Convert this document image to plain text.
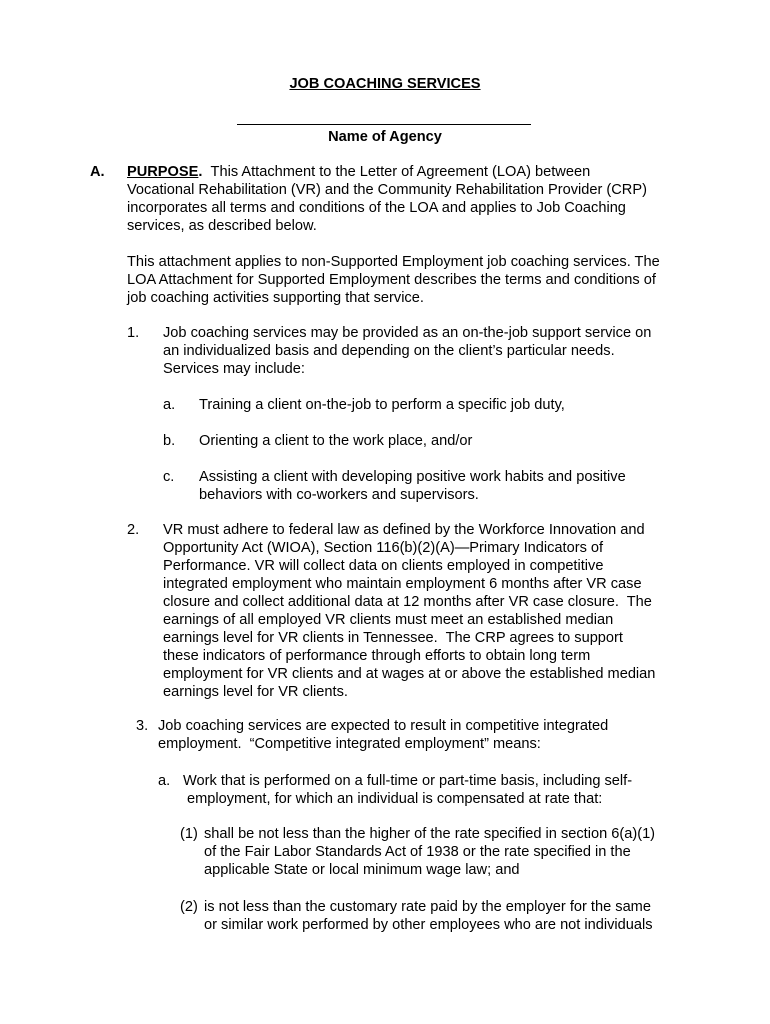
JOB COACHING SERVICES
Name of Agency
A. PURPOSE. This Attachment to the Letter of Agreement (LOA) between
Vocational Rehabilitation (VR) and the Community Rehabilitation Provider (CRP)
incorporates all terms and conditions of the LOA and applies to Job Coaching
services, as described below.
This attachment applies to non-Supported Employment job coaching services. The
LOA Attachment for Supported Employment describes the terms and conditions of
job coaching activities supporting that service.
1.	Job coaching services may be provided as an on-the-job support service on
an individualized basis and depending on the client’s particular needs.
Services may include:
a.	Training a client on-the-job to perform a specific job duty,
b.	Orienting a client to the work place, and/or
c.	Assisting a client with developing positive work habits and positive
behaviors with co-workers and supervisors.
2.	VR must adhere to federal law as defined by the Workforce Innovation and
Opportunity Act (WIOA), Section 116(b)(2)(A)—Primary Indicators of
Performance. VR will collect data on clients employed in competitive
integrated employment who maintain employment 6 months after VR case
closure and collect additional data at 12 months after VR case closure.  The
earnings of all employed VR clients must meet an established median
earnings level for VR clients in Tennessee.  The CRP agrees to support
these indicators of performance through efforts to obtain long term
employment for VR clients and at wages at or above the established median
earnings level for VR clients.
3. Job coaching services are expected to result in competitive integrated
employment.  “Competitive integrated employment” means:
a. Work that is performed on a full-time or part-time basis, including self-
employment, for which an individual is compensated at rate that:
(1) shall be not less than the higher of the rate specified in section 6(a)(1)
of the Fair Labor Standards Act of 1938 or the rate specified in the
applicable State or local minimum wage law; and
(2) is not less than the customary rate paid by the employer for the same
or similar work performed by other employees who are not individuals
